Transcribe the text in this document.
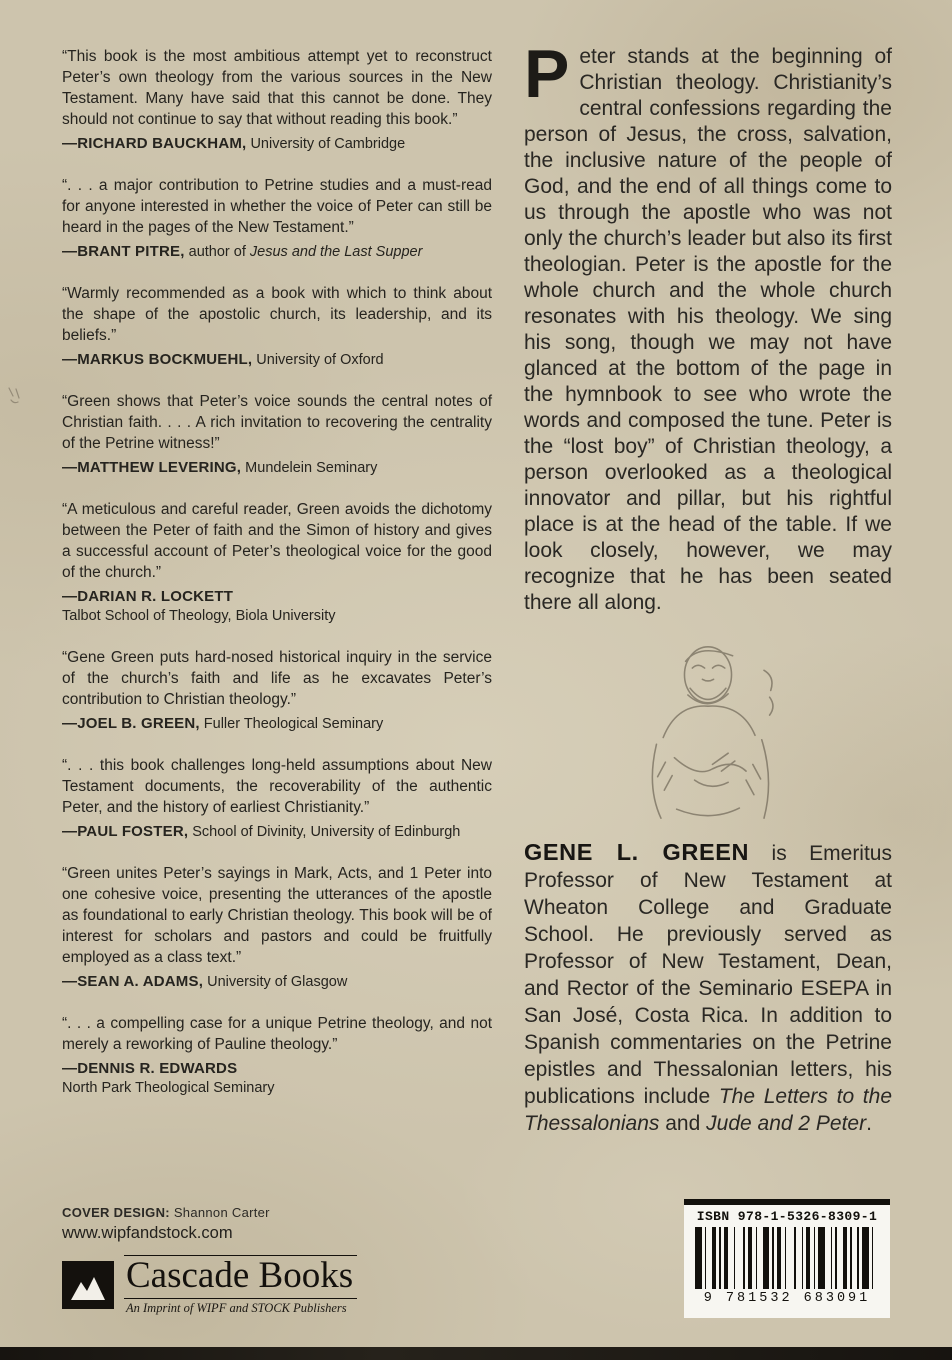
“This book is the most ambitious attempt yet to reconstruct Peter’s own theology from the various sources in the New Testament. Many have said that this cannot be done. They should not continue to say that without reading this book.”

—RICHARD BAUCKHAM, University of Cambridge

“. . . a major contribution to Petrine studies and a must-read for anyone interested in whether the voice of Peter can still be heard in the pages of the New Testament.”

—BRANT PITRE, author of Jesus and the Last Supper

“Warmly recommended as a book with which to think about the shape of the apostolic church, its leadership, and its beliefs.”

—MARKUS BOCKMUEHL, University of Oxford

“Green shows that Peter’s voice sounds the central notes of Christian faith. . . . A rich invitation to recovering the centrality of the Petrine witness!”

—MATTHEW LEVERING, Mundelein Seminary

“A meticulous and careful reader, Green avoids the dichotomy between the Peter of faith and the Simon of history and gives a successful account of Peter’s theological voice for the good of the church.”

—DARIAN R. LOCKETT
Talbot School of Theology, Biola University

“Gene Green puts hard-nosed historical inquiry in the service of the church’s faith and life as he excavates Peter’s contribution to Christian theology.”

—JOEL B. GREEN, Fuller Theological Seminary

“. . . this book challenges long-held assumptions about New Testament documents, the recoverability of the authentic Peter, and the history of earliest Christianity.”

—PAUL FOSTER, School of Divinity, University of Edinburgh

“Green unites Peter’s sayings in Mark, Acts, and 1 Peter into one cohesive voice, presenting the utterances of the apostle as foundational to early Christian theology. This book will be of interest for scholars and pastors and could be fruitfully employed as a class text.”

—SEAN A. ADAMS, University of Glasgow

“. . . a compelling case for a unique Petrine theology, and not merely a reworking of Pauline theology.”

—DENNIS R. EDWARDS
North Park Theological Seminary

Peter stands at the beginning of Christian theology. Christianity’s central confessions regarding the person of Jesus, the cross, salvation, the inclusive nature of the people of God, and the end of all things come to us through the apostle who was not only the church’s leader but also its first theologian. Peter is the apostle for the whole church and the whole church resonates with his theology. We sing his song, though we may not have glanced at the bottom of the page in the hymnbook to see who wrote the words and composed the tune. Peter is the “lost boy” of Christian theology, a person overlooked as a theological innovator and pillar, but his rightful place is at the head of the table. If we look closely, however, we may recognize that he has been seated there all along.

GENE L. GREEN is Emeritus Professor of New Testament at Wheaton College and Graduate School. He previously served as Professor of New Testament, Dean, and Rector of the Seminario ESEPA in San José, Costa Rica. In addition to Spanish commentaries on the Petrine epistles and Thessalonian letters, his publications include The Letters to the Thessalonians and Jude and 2 Peter.

COVER DESIGN: Shannon Carter
www.wipfandstock.com
Cascade Books
An Imprint of WIPF and STOCK Publishers
ISBN 978-1-5326-8309-1
9 781532 683091
